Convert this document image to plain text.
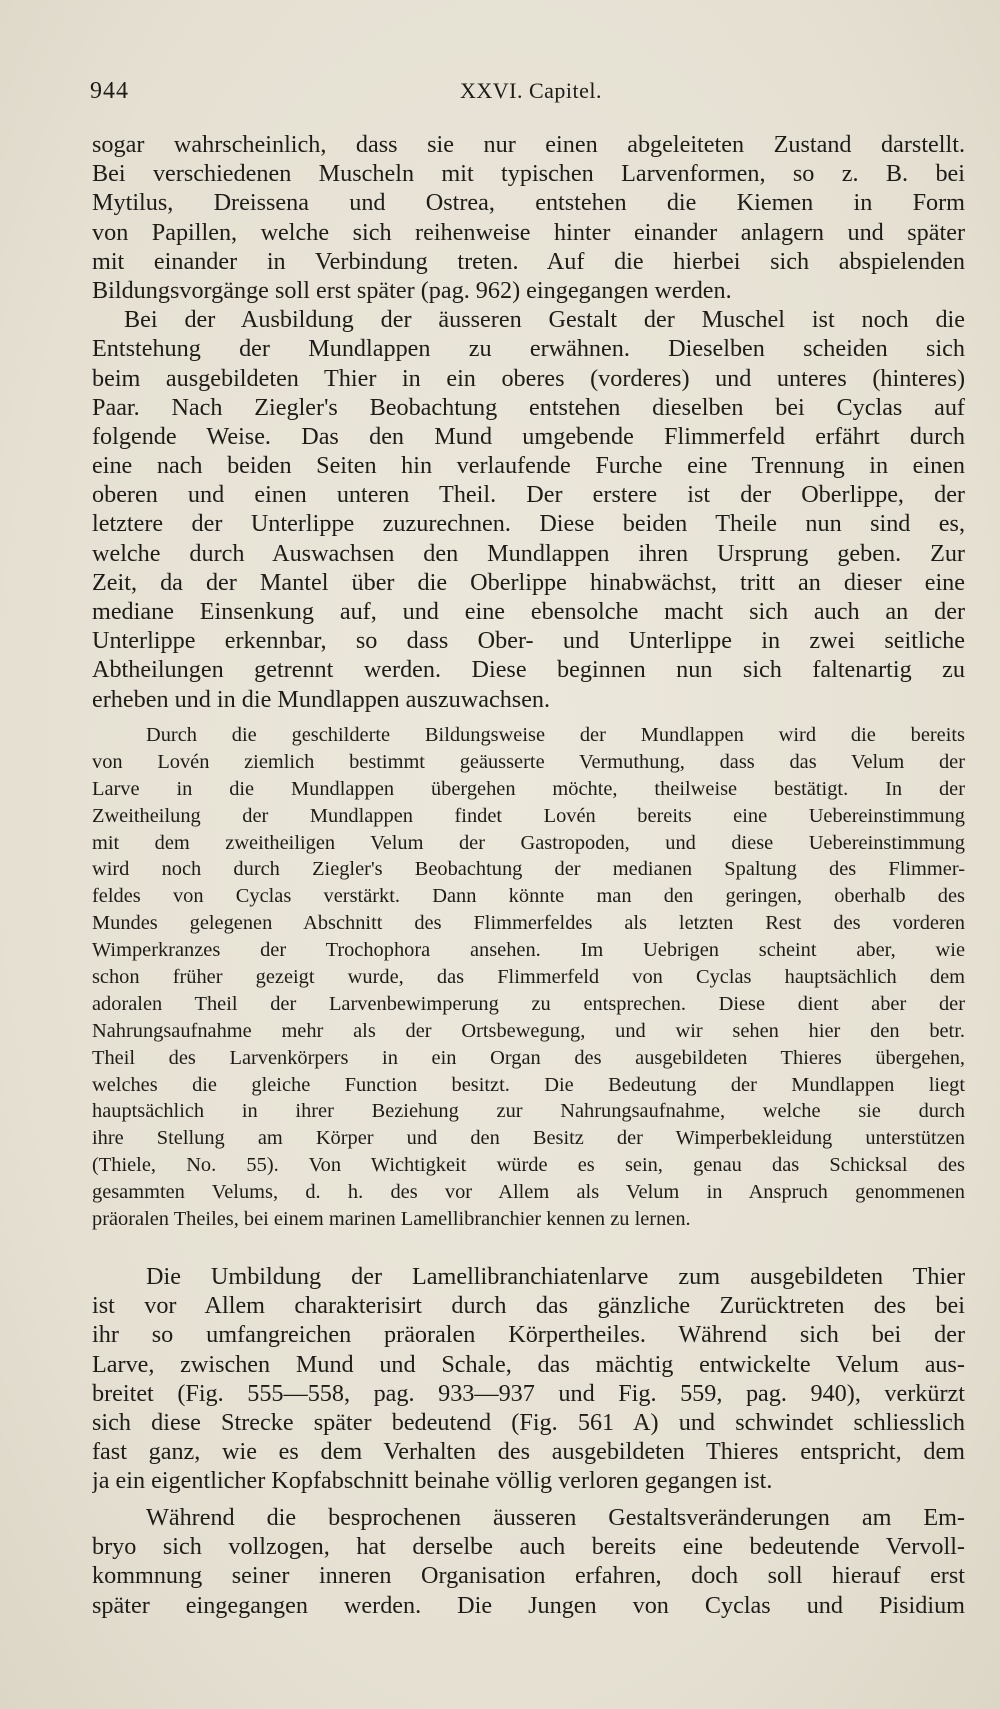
944	XXVI. Capitel.
sogar wahrscheinlich, dass sie nur einen abgeleiteten Zustand darstellt.
Bei verschiedenen Muscheln mit typischen Larvenformen, so z. B. bei
Mytilus, Dreissena und Ostrea, entstehen die Kiemen in Form
von Papillen, welche sich reihenweise hinter einander anlagern und später
mit einander in Verbindung treten. Auf die hierbei sich abspielenden
Bildungsvorgänge soll erst später (pag. 962) eingegangen werden.
Bei der Ausbildung der äusseren Gestalt der Muschel ist noch die
Entstehung der Mundlappen zu erwähnen. Dieselben scheiden sich
beim ausgebildeten Thier in ein oberes (vorderes) und unteres (hinteres)
Paar. Nach Ziegler's Beobachtung entstehen dieselben bei Cyclas auf
folgende Weise. Das den Mund umgebende Flimmerfeld erfährt durch
eine nach beiden Seiten hin verlaufende Furche eine Trennung in einen
oberen und einen unteren Theil. Der erstere ist der Oberlippe, der
letztere der Unterlippe zuzurechnen. Diese beiden Theile nun sind es,
welche durch Auswachsen den Mundlappen ihren Ursprung geben. Zur
Zeit, da der Mantel über die Oberlippe hinabwächst, tritt an dieser eine
mediane Einsenkung auf, und eine ebensolche macht sich auch an der
Unterlippe erkennbar, so dass Ober- und Unterlippe in zwei seitliche
Abtheilungen getrennt werden. Diese beginnen nun sich faltenartig zu
erheben und in die Mundlappen auszuwachsen.
Durch die geschilderte Bildungsweise der Mundlappen wird die bereits
von Lovén ziemlich bestimmt geäusserte Vermuthung, dass das Velum der
Larve in die Mundlappen übergehen möchte, theilweise bestätigt. In der
Zweitheilung der Mundlappen findet Lovén bereits eine Uebereinstimmung
mit dem zweitheiligen Velum der Gastropoden, und diese Uebereinstimmung
wird noch durch Ziegler's Beobachtung der medianen Spaltung des Flimmer-
feldes von Cyclas verstärkt. Dann könnte man den geringen, oberhalb des
Mundes gelegenen Abschnitt des Flimmerfeldes als letzten Rest des vorderen
Wimperkranzes der Trochophora ansehen. Im Uebrigen scheint aber, wie
schon früher gezeigt wurde, das Flimmerfeld von Cyclas hauptsächlich dem
adoralen Theil der Larvenbewimperung zu entsprechen. Diese dient aber der
Nahrungsaufnahme mehr als der Ortsbewegung, und wir sehen hier den betr.
Theil des Larvenkörpers in ein Organ des ausgebildeten Thieres übergehen,
welches die gleiche Function besitzt. Die Bedeutung der Mundlappen liegt
hauptsächlich in ihrer Beziehung zur Nahrungsaufnahme, welche sie durch
ihre Stellung am Körper und den Besitz der Wimperbekleidung unterstützen
(Thiele, No. 55). Von Wichtigkeit würde es sein, genau das Schicksal des
gesammten Velums, d. h. des vor Allem als Velum in Anspruch genommenen
präoralen Theiles, bei einem marinen Lamellibranchier kennen zu lernen.
Die Umbildung der Lamellibranchiatenlarve zum ausgebildeten Thier
ist vor Allem charakterisirt durch das gänzliche Zurücktreten des bei
ihr so umfangreichen präoralen Körpertheiles. Während sich bei der
Larve, zwischen Mund und Schale, das mächtig entwickelte Velum aus-
breitet (Fig. 555—558, pag. 933—937 und Fig. 559, pag. 940), verkürzt
sich diese Strecke später bedeutend (Fig. 561 A) und schwindet schliesslich
fast ganz, wie es dem Verhalten des ausgebildeten Thieres entspricht, dem
ja ein eigentlicher Kopfabschnitt beinahe völlig verloren gegangen ist.
Während die besprochenen äusseren Gestaltsveränderungen am Em-
bryo sich vollzogen, hat derselbe auch bereits eine bedeutende Vervoll-
kommnung seiner inneren Organisation erfahren, doch soll hierauf erst
später eingegangen werden. Die Jungen von Cyclas und Pisidium
